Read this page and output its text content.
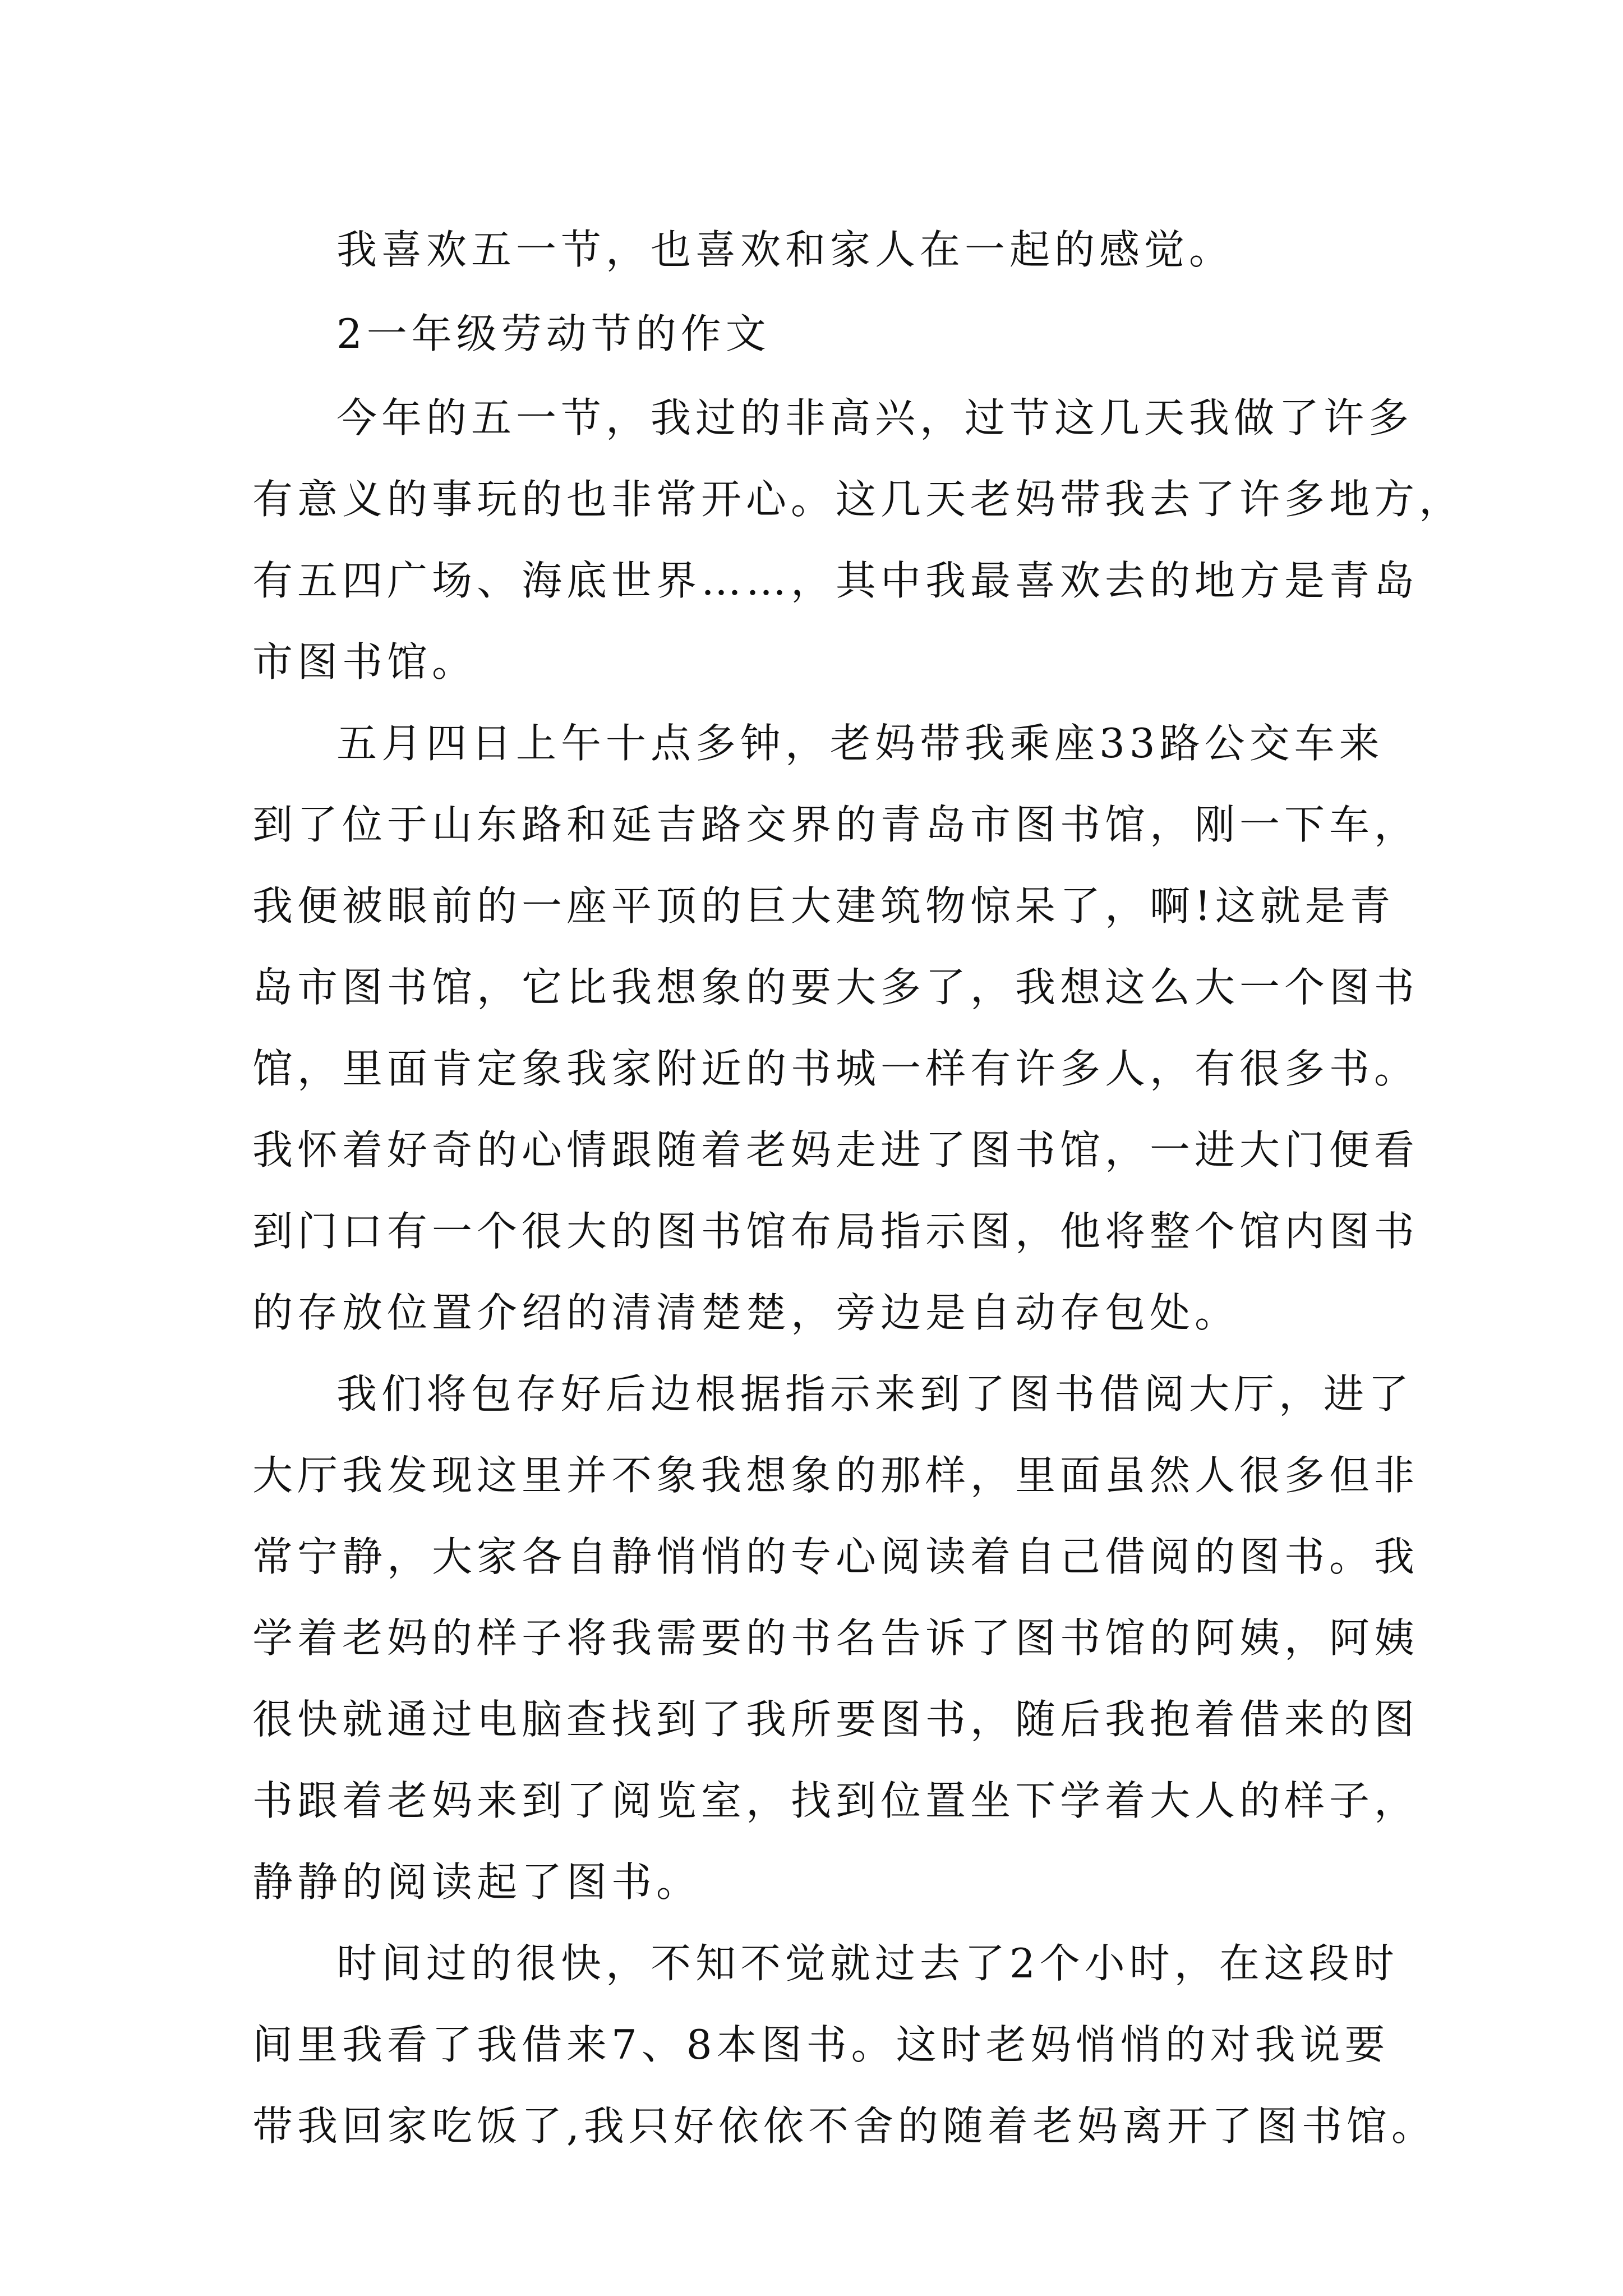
我喜欢五一节，也喜欢和家人在一起的感觉。
2一年级劳动节的作文
今年的五一节，我过的非高兴，过节这几天我做了许多
有意义的事玩的也非常开心。这几天老妈带我去了许多地方，
有五四广场、海底世界……，其中我最喜欢去的地方是青岛
市图书馆。
五月四日上午十点多钟，老妈带我乘座33路公交车来
到了位于山东路和延吉路交界的青岛市图书馆，刚一下车，
我便被眼前的一座平顶的巨大建筑物惊呆了，啊!这就是青
岛市图书馆，它比我想象的要大多了，我想这么大一个图书
馆，里面肯定象我家附近的书城一样有许多人，有很多书。
我怀着好奇的心情跟随着老妈走进了图书馆，一进大门便看
到门口有一个很大的图书馆布局指示图，他将整个馆内图书
的存放位置介绍的清清楚楚，旁边是自动存包处。
我们将包存好后边根据指示来到了图书借阅大厅，进了
大厅我发现这里并不象我想象的那样，里面虽然人很多但非
常宁静，大家各自静悄悄的专心阅读着自己借阅的图书。我
学着老妈的样子将我需要的书名告诉了图书馆的阿姨，阿姨
很快就通过电脑查找到了我所要图书，随后我抱着借来的图
书跟着老妈来到了阅览室，找到位置坐下学着大人的样子，
静静的阅读起了图书。
时间过的很快，不知不觉就过去了2个小时，在这段时
间里我看了我借来7、8本图书。这时老妈悄悄的对我说要
带我回家吃饭了,我只好依依不舍的随着老妈离开了图书馆。
